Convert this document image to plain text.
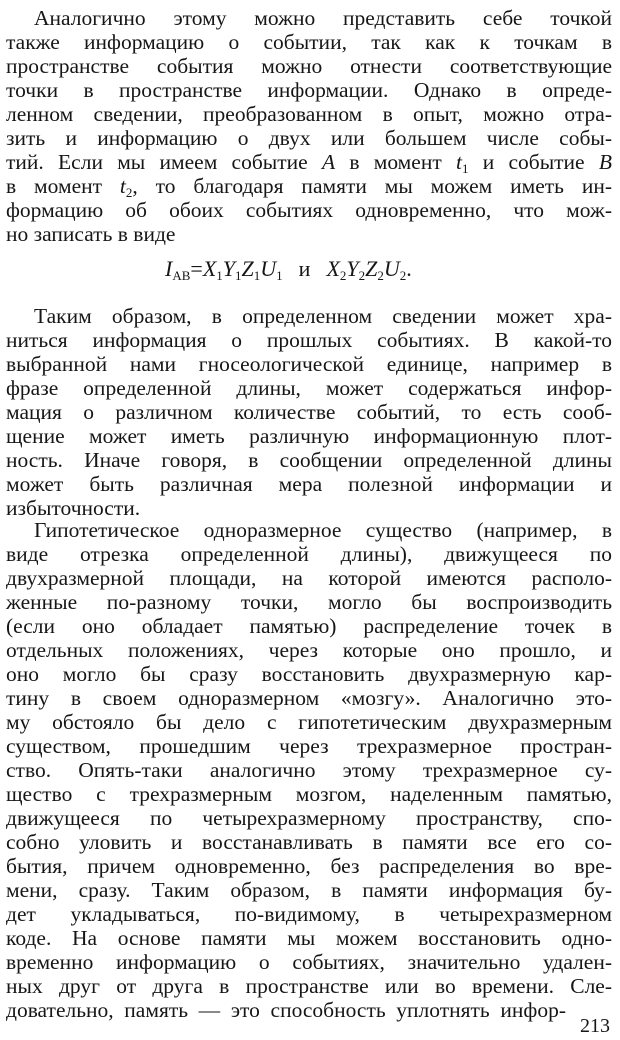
Аналогично этому можно представить себе точкой
также информацию о событии, так как к точкам в
пространстве события можно отнести соответствующие
точки в пространстве информации. Однако в опреде-
ленном сведении, преобразованном в опыт, можно отра-
зить и информацию о двух или большем числе собы-
тий. Если мы имеем событие A в момент $t_1$ и событие B
в момент $t_2$, то благодаря памяти мы можем иметь ин-
формацию об обоих событиях одновременно, что мож-
но записать в виде
$I_{AB}=X_1Y_1Z_1U_1$ и $X_2Y_2Z_2U_2$.
Таким образом, в определенном сведении может хра-
ниться информация о прошлых событиях. В какой-то
выбранной нами гносеологической единице, например в
фразе определенной длины, может содержаться инфор-
мация о различном количестве событий, то есть сооб-
щение может иметь различную информационную плот-
ность. Иначе говоря, в сообщении определенной длины
может быть различная мера полезной информации и
избыточности.
Гипотетическое одноразмерное существо (например, в
виде отрезка определенной длины), движущееся по
двухразмерной площади, на которой имеются располо-
женные по-разному точки, могло бы воспроизводить
(если оно обладает памятью) распределение точек в
отдельных положениях, через которые оно прошло, и
оно могло бы сразу восстановить двухразмерную кар-
тину в своем одноразмерном «мозгу». Аналогично это-
му обстояло бы дело с гипотетическим двухразмерным
существом, прошедшим через трехразмерное простран-
ство. Опять-таки аналогично этому трехразмерное су-
щество с трехразмерным мозгом, наделенным памятью,
движущееся по четырехразмерному пространству, спо-
собно уловить и восстанавливать в памяти все его со-
бытия, причем одновременно, без распределения во вре-
мени, сразу. Таким образом, в памяти информация бу-
дет укладываться, по-видимому, в четырехразмерном
коде. На основе памяти мы можем восстановить одно-
временно информацию о событиях, значительно удален-
ных друг от друга в пространстве или во времени. Сле-
довательно, память — это способность уплотнять инфор-
213
